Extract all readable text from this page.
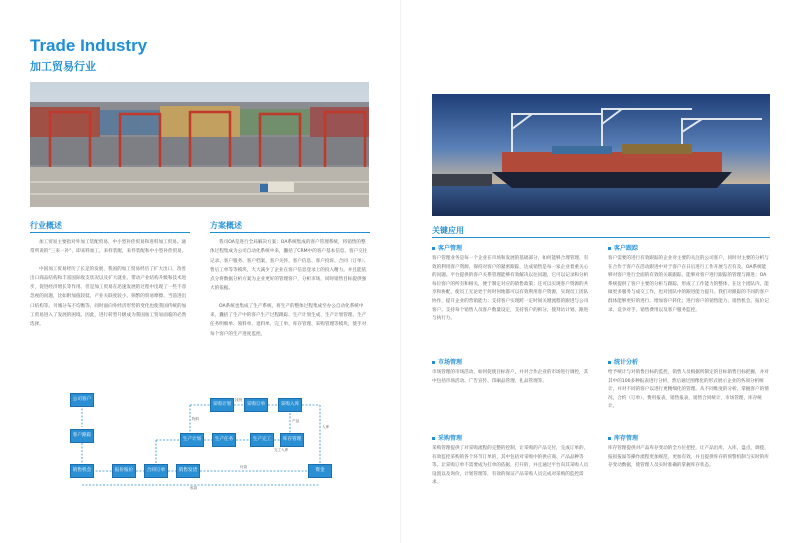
Trade Industry
加工贸易行业
行业概述

加工贸易主要指对外加工装配贸易、中小型补偿贸易和进料加工贸易。通常所说的“三来一补”，即来料加工，来样装配，来件装配和中小型补偿贸易。

中国加工贸易经历了长足的发展，我国的加工贸易经历了扩大出口，改善出口商品结构和丰富国际收支状况以及扩大就业。带动产业结构升级和技术进步，促进经济增长等作用。但是加工贸易在迅速发展的过程中出现了一些不容忽视的问题，比如附加值较低、产业关联度较小、频繁的贸易摩擦、当前进出口结构等。另城分布不均衡等，同时面向外经济形势的变化也使我国传统的加工贸易进入了发展的困境。因此，进行转型升级成为我国加工贸易面临的必然选择。

方案概述

我司OA是进行全局解决方案：OA系统集成的客户管理系统，将销售的整体过程集成为公司自动化系统中来，囊括了CRM中的客户基本信息、客户交往记录、客户服务、客户档案、客户关怀、客户信息、客户投诉、合同（订单）、售后工单等等模块，大大减少了企业在客户信息登录上的投入精力。并且能依点分将数据分析方案为企业更好的管理客户，分析市场，同时销售目标提供强大的依据。

OA系统也集成了生产系统，将生产的整体过程集成至办公自动化系统中来，囊括了生产中的客户生产过程跟踪、生产计划生成、生产计划管理、生产任务明细单、领料单、退料单、完工单、库存管理、采购管理等模块，使手对每个客户的生产进度监控。

公司客户
客户跟踪
销售机会	报价报价	合同订单	销售发货
采购计划	采购订单	采购入库
生产计划	生产任务	生产完工	库存管理
资金
物料
找货
产品
入库
完工入库
付款
收款
关键应用
客户管理

客户管理业务是每一个企业在市场和发展的基础部分，如何能够合理管理、有效的利用客户资源，保持对客户的紧密跟踪，达成销售是每一家企业着重关心的问题。平台提供的客户关系管理能够有效解决以往问题，它可以记录和分析每位客户的所有和相关，便于制定对应的销售政策；还可以实现客户资源的共享和协配，使员工无论处于何时何地都可以有效利用客户资源，实现员工团队协作，提升企业的营销能力；支持客户实现跨一定时间关键流程的跟进与公司客户。支持每个销售人员客户数量设定，支持客户的拆分，使拜访计划、跟进与执行力。

客户跟踪

客户需要的进行有效跟踪的企业对主要的关注的公司客户，同时对主要的分析与在合作于客户在活动跟进中对于客户在日后进行工作开展与否有及。OA系统能够对客户进行全面的有效的关联跟踪，能够对客户进行跟踪的管理与跟进；OA系统提供了客户主要的分析与跟踪，形成了工作能力的整体，在这个团队内，能做更多服务与成交工作，也对团队中的跟进能力提升。我们对跟踪的不同的客户群体能够更好的进行，增加客户转化；进行客户的销售能力、销售机会、报价记录、竞争对手、销售费用以及客户服务监控。

市场管理

市场管理的市场活动，如何促使目标客户，并对合作企业的市场进行调控，其中包括市场活动、广告宣传、印刷品管理、礼品管理等。

统计分析

给予统计与对销售目标的监控，销售人员根据所制定的目标销售目标把握，并对其中的100多种报表进行分析，然后通过图像化的形式展示企业的各项分析统计，并对不同的客户以进行更精细化的管理。从不同维度的分析，掌握客户的情况，合约（订单）、费用报表，销售报表，销售合同统计，市场管理，库存统计。

采购管理

采购管理提供了对采购流程的完整的控制，让采购的产品交付，完成订单的，有效监控采购的各个环节订单的，其中包括对采购中的供应商、产品品种等等。让采购订单不需要成为打单的依据，打开的，并且通过平台向其采购人员设置以及询价，计划管理等，有效的保证产品采购人员完成对采购的监控需求。

库存管理

库存管理提供对产品库存变动的全方位把控，让产品出库，入库，盘点、调拨，报损报溢等操作流程更加规范，更加有效，并且提供库存的预警机制与实时的库存变动数据，使管理人员实时准确的掌握库存状态。
